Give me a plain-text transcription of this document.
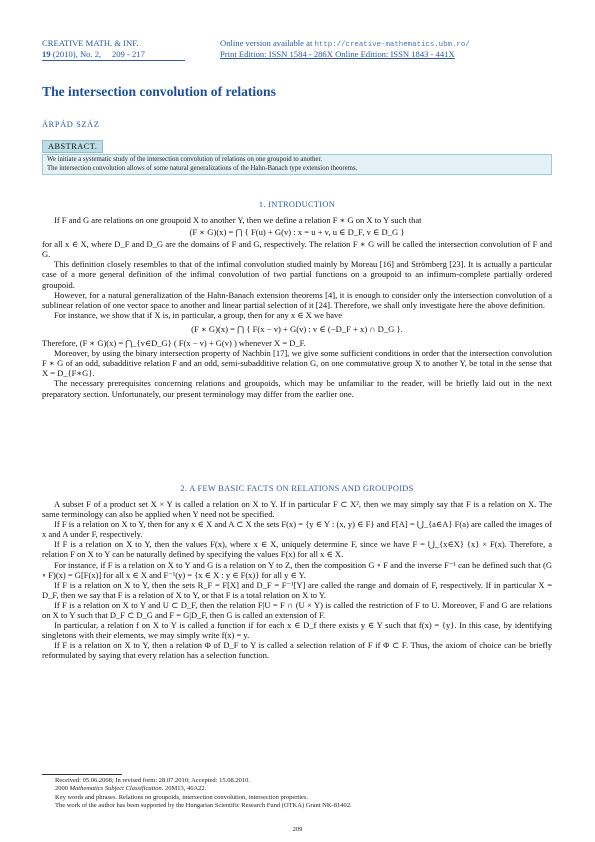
CREATIVE MATH. & INF.
19 (2010), No. 2, 209 - 217
Online version available at http://creative-mathematics.ubm.ro/
Print Edition: ISSN 1584 - 286X Online Edition: ISSN 1843 - 441X
The intersection convolution of relations
ÁRPÁD SZÁZ
ABSTRACT.
We initiate a systematic study of the intersection convolution of relations on one groupoid to another.
The intersection convolution allows of some natural generalizations of the Hahn-Banach type extension theorems.
1. INTRODUCTION
If F and G are relations on one groupoid X to another Y, then we define a relation F ∗ G on X to Y such that
(F ∗ G)(x) = ⋂ { F(u) + G(v) : x = u + v, u ∈ D_F, v ∈ D_G }
for all x ∈ X, where D_F and D_G are the domains of F and G, respectively. The relation F ∗ G will be called the intersection convolution of F and G.
This definition closely resembles to that of the infimal convolution studied mainly by Moreau [16] and Strömberg [23]. It is actually a particular case of a more general definition of the infimal convolution of two partial functions on a groupoid to an infimum-complete partially ordered groupoid.
However, for a natural generalization of the Hahn-Banach extension theorems [4], it is enough to consider only the intersection convolution of a sublinear relation of one vector space to another and linear partial selection of it [24]. Therefore, we shall only investigate here the above definition.
For instance, we show that if X is, in particular, a group, then for any x ∈ X we have
(F ∗ G)(x) = ⋂ { F(x − v) + G(v) : v ∈ (−D_F + x) ∩ D_G }.
Therefore, (F ∗ G)(x) = ⋂_{v∈D_G} ( F(x − v) + G(v) ) whenever X = D_F.
Moreover, by using the binary intersection property of Nachbin [17], we give some sufficient conditions in order that the intersection convolution F ∗ G of an odd, subadditive relation F and an odd, semi-subadditive relation G, on one commutative group X to another Y, be total in the sense that X = D_{F∗G}.
The necessary prerequisites concerning relations and groupoids, which may be unfamiliar to the reader, will be briefly laid out in the next preparatory section. Unfortunately, our present terminology may differ from the earlier one.
2. A FEW BASIC FACTS ON RELATIONS AND GROUPOIDS
A subset F of a product set X × Y is called a relation on X to Y. If in particular F ⊂ X², then we may simply say that F is a relation on X. The same terminology can also be applied when Y need not be specified.
If F is a relation on X to Y, then for any x ∈ X and A ⊂ X the sets F(x) = {y ∈ Y : (x, y) ∈ F} and F[A] = ⋃_{a∈A} F(a) are called the images of x and A under F, respectively.
If F is a relation on X to Y, then the values F(x), where x ∈ X, uniquely determine F, since we have F = ⋃_{x∈X} {x} × F(x). Therefore, a relation F on X to Y can be naturally defined by specifying the values F(x) for all x ∈ X.
For instance, if F is a relation on X to Y and G is a relation on Y to Z, then the composition G ∘ F and the inverse F⁻¹ can be defined such that (G ∘ F)(x) = G[F(x)] for all x ∈ X and F⁻¹(y) = {x ∈ X : y ∈ F(x)} for all y ∈ Y.
If F is a relation on X to Y, then the sets R_F = F[X] and D_F = F⁻¹[Y] are called the range and domain of F, respectively. If in particular X = D_F, then we say that F is a relation of X to Y, or that F is a total relation on X to Y.
If F is a relation on X to Y and U ⊂ D_F, then the relation F|U = F ∩ (U × Y) is called the restriction of F to U. Moreover, F and G are relations on X to Y such that D_F ⊂ D_G and F = G|D_F, then G is called an extension of F.
In particular, a relation f on X to Y is called a function if for each x ∈ D_f there exists y ∈ Y such that f(x) = {y}. In this case, by identifying singletons with their elements, we may simply write f(x) = y.
If F is a relation on X to Y, then a relation Φ of D_F to Y is called a selection relation of F if Φ ⊂ F. Thus, the axiom of choice can be briefly reformulated by saying that every relation has a selection function.
Received: 05.06.2008; In revised form: 28.07.2010; Accepted: 15.08.2010.
2000 Mathematics Subject Classification. 20M13, 46A22.
Key words and phrases. Relations on groupoids, intersection convolution, intersection properties.
The work of the author has been supported by the Hungarian Scientific Research Fund (OTKA) Grant NK-81402.
209
